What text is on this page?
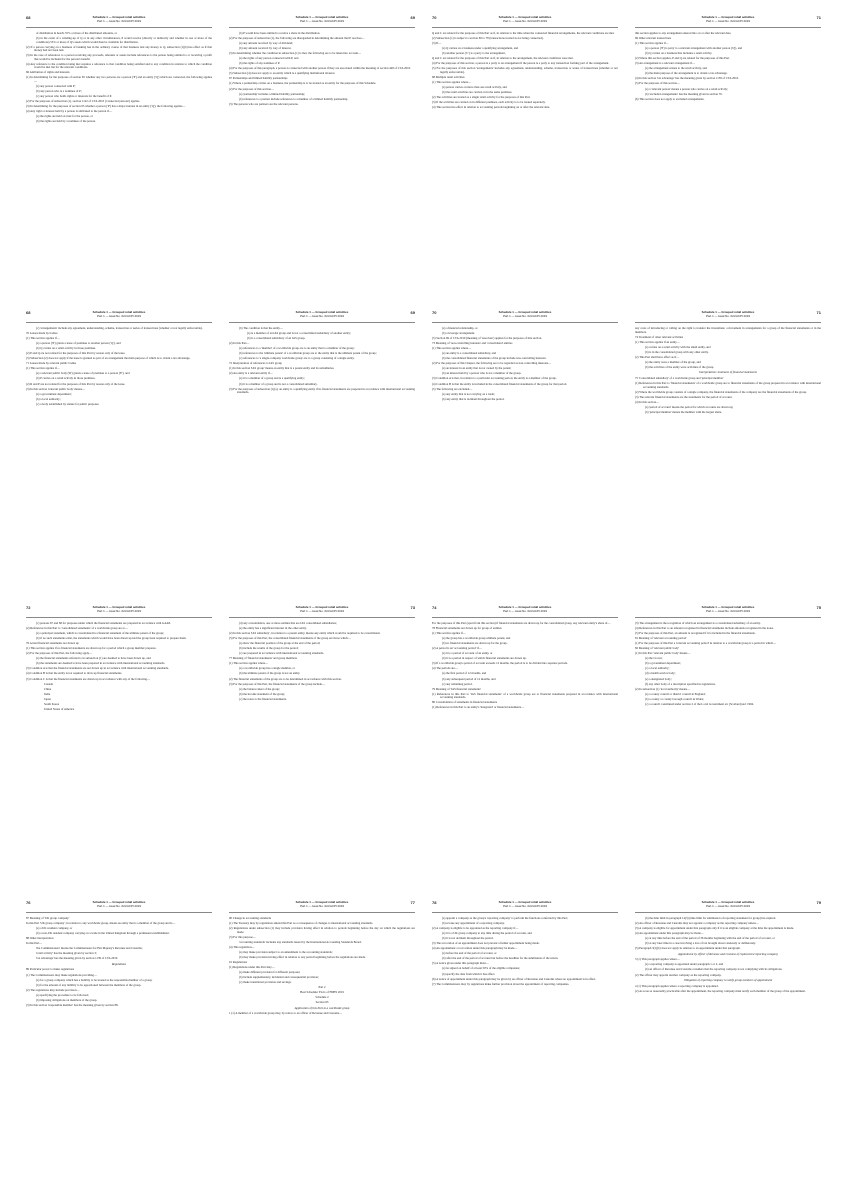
68	Schedule 1 — Grouped retail activities
Part 1 — Heat No. 02c/ACPI 2019

of distribution in head's 55% or more of the distributed amounts, or

(b) in the event of a winding-up of Q or in any other circumstances, P would receive (directly or indirectly and whether in one or more of the conditions) 55% or more of Q's assets which would then be available for distribution.

(2) If a person carrying on a business of banking has in the ordinary course of that business lent any money to Q, subsection (1)(b) has effect as if that money had not been lent.

(3) In the case of references to a person receiving any proceeds, amounts or assets include references to the person being entitled to or receiving a profit that would be included for the person's benefit.

(4) Any reference to the condition being met requires a reference to that condition being satisfied and to any condition in relation to which the condition would be met but for the relevant conditions.

66 Attribution of rights and interests

(1) In determining for the purposes of section 65 whether any two persons are a person ('P') and an entity ('Q') which are connected, the following applies—

(a) any person connected with P;

(b) any person who is a nominee of P;

(c) any person who holds rights or interests for the benefit of P.

(2) For the purposes of subsection (1), section 1122 of CTA 2010 ('connected persons') applies.

(3) In determining for the purposes of section 65 whether a person ('P') has a major interest in an entity ('Q'), the following applies—

(4) Any right or interest held by a person is attributed to the person if—

(a) the rights are held on trust for the person, or

(b) the rights are held by a nominee of the person.

69
Schedule 1 — Grouped retail activities
Part 1 — Heat No. 02c/ACPI 2019

(b) P would have been entitled to receive a share in the distribution.

(2) For the purposes of subsection (1), the following are disregarded in determining the amount that P receives—

(a) any amount received by way of dividend;

(b) any amount received by way of interest.

(3) In determining whether the condition in subsection (1) is met, the following are to be taken into account—

(a) the rights of any person connected with P, and

(b) the rights of any nominee of P.

(4) For the purposes of this paragraph, a person is connected with another person if they are associated within the meaning of section 448 of CTA 2010.

(5) Subsection (4) does not apply to an entity which is a qualifying institutional investor.

67 Partnerships and limited liability partnerships

(1) Where a partnership carries on a business, the partnership is to be treated as an entity for the purposes of this Schedule.

(2) For the purposes of this section—

(a) 'partnership' includes a limited liability partnership;

(b) references to a partner include references to a member of a limited liability partnership.

(3) The persons who are partners are the relevant persons.

70	Schedule 1 — Grouped retail activities
Part 1 — Heat No. 02c/ACPI 2019

Q and C are related for the purposes of this Part as if, in relation to the time when the connected financial arrangements, the relevant conditions are met.

(2) Subsection (1) is subject to section 69 to 78 (transactions treated as not being connected).

(3) If—

(a) Q carries on a business under a qualifying arrangement, and

(b) another person ('C') is a party to the arrangement,

Q and C are related for the purposes of this Part as if, in relation to the arrangement, the relevant conditions were met.

(4) For the purposes of this section, a person is a party to an arrangement if the person is a party to any transaction forming part of the arrangement.

(5) For the purposes of this section 'arrangements' includes any agreement, understanding, scheme, transaction or series of transactions (whether or not legally enforceable).

68 Multiple retail activities

(1) This section applies where—

(a) person carries on more than one retail activity, and

(b) the retail activities are carried on in the same premises.

(2) The activities are treated as a single retail activity for the purposes of this Part.

(3) If the activities are carried on in different premises, each activity is to be treated separately.

(4) This section has effect in relation to accounting periods beginning on or after the relevant date.

71
Schedule 1 — Grouped retail activities
Part 1 — Heat No. 02c/ACPI 2019

this section applies to any arrangement entered into on or after the relevant date.

69 Other relevant transactions

(1) This section applies if—

(a) a person ('P') is party to a relevant arrangement with another person ('Q'), and

(b) Q carries on a business that includes a retail activity.

(2) Where this section applies, P and Q are related for the purposes of this Part.

(3) An arrangement is a relevant arrangement if—

(a) the arrangement relates to the retail activity, and

(b) the main purpose of the arrangement is to obtain a tax advantage.

(4) In this section 'tax advantage' has the meaning given by section 1139 of CTA 2010.

(5) For the purposes of this section—

(a) a 'relevant person' means a person who carries on a retail activity;

(b) 'excluded arrangements' has the meaning given in section 70.

(6) This section does not apply to excluded arrangements.

68	Schedule 1 — Grouped retail activities
Part 1 — Heat No. 02c/ACPI 2019

(c) 'arrangements' include any agreement, understanding, scheme, transaction or series of transactions (whether or not legally enforceable).

70 Leases made by bodies

(1) This section applies if—

(a) a person ('P') grants a lease of premises to another person ('Q'), and

(b) Q carries on a retail activity in those premises.

(2) P and Q are not related for the purposes of this Part by reason only of the lease.

(3) Subsection (2) does not apply if the lease is granted as part of an arrangement the main purpose of which is to obtain a tax advantage.

71 Leases made by relevant public bodies

(1) This section applies if—

(a) a relevant public body ('R') grants a lease of premises to a person ('P'), and

(b) P carries on a retail activity in those premises.

(2) R and P are not related for the purposes of this Part by reason only of the lease.

(3) In this section 'relevant public body' means—

(a) a government department;

(b) a local authority;

(c) a body established by statute for public purposes.

69
Schedule 1 — Grouped retail activities
Part 1 — Heat No. 02c/ACPI 2019

(b) The condition is that the entity—

(a) is a member of an IAS group and is not a consolidated subsidiary of another entity;

(b) is a consolidated subsidiary of an IAS group.

(2) In this Part—

(a) references to a 'member' of a worldwide group are to an entity that is a member of the group;

(b) references to the 'ultimate parent' of a worldwide group are to the entity that is the ultimate parent of the group;

(c) references to 'a single-company worldwide group' are to a group consisting of a single entity.

72 Interpretation of references to IAS group

(1) In this section 'IAS group' means an entity that is a parent entity and its subsidiaries.

(2) An entity is a relevant entity if—

(a) it is a member of a group and is a qualifying entity;

(b) it is a member of a group and is not a consolidated subsidiary.

(3) For the purposes of subsection (1)(a), an entity is a qualifying entity if its financial statements are prepared in accordance with international accounting standards.

70	Schedule 1 — Grouped retail activities
Part 1 — Heat No. 02c/ACPI 2019

(a) a financial relationship, or

(b) a leverage arrangement.

(5) Section 69 of CTA 2010 (meaning of 'associate') applies for the purposes of this section.

73 Meaning of 'non-controlling interests' and 'consolidated' entities

(1) This section applies where—

(a) an entity is a consolidated subsidiary, and

(b) the consolidated financial statements of the group include non-controlling interests.

(2) For the purposes of this Chapter, the following are to be regarded as non-controlling interests—

(a) an interest in an entity that is not owned by the parent;

(b) an interest held by a person who is not a member of the group.

(3) Condition A is that, in relation to a particular accounting period, the entity is a member of the group.

(4) Condition B is that the entity is included in the consolidated financial statements of the group for that period.

(5) The following are excluded—

(a) any entity that is not carrying on a trade;

(b) any entity that is dormant throughout the period.

71
Schedule 1 — Grouped retail activities
Part 1 — Heat No. 02c/ACPI 2019

any costs of introducing or rolling on the right to transfer the investment, a movement in arrangements for a group of the financial statements or in the members.

74 Treatment of other relevant activities

(1) This section applies if an entity—

(a) carries on a retail activity with the small entity, and

(b) is in the consolidated group with any other entity.

(2) This Part shall have effect as if—

(a) the entity were a member of the group, and

(b) the activities of the entity were activities of the group.

Interpretation: treatment of financial statements

75 'Consolidated subsidiary' of a worldwide group and 'principal member'

(1) References in this Part to 'financial statements' of a worldwide group are to financial statements of the group prepared in accordance with international accounting standards.

(2) Where the worldwide group consists of a single company, the financial statements of the company are the financial statements of the group.

(3) The relevant financial statements are the statements for the period of account.

(4) In this section—

(a) 'period of account' means the period for which accounts are drawn up;

(b) 'principal member' means the member with the largest share.

72	Schedule 1 — Grouped retail activities
Part 1 — Heat No. 02c/ACPI 2019

(c) persons 67 and 68 for purposes under which the financial statements are prepared in accordance with GAAP.

(2) References in this Part to 'consolidated statements' of a worldwide group are to—

(a) a principal statement, which is consolidated in a financial statement of the ultimate parent of the group;

(b) if no such statements exist, the statements which would have been drawn up had the group been required to prepare them.

76 Actual financial statements not drawn up

(1) This section applies if no financial statements are drawn up for a period which a group member prepares.

(2) For the purposes of this Part, the following apply—

(a) the financial statements referred to in subsection (1) are deemed to have been drawn up, and

(b) the statements are deemed to have been prepared in accordance with international accounting standards.

(3) Condition A is that the financial statements are not drawn up in accordance with international accounting standards.

(4) Condition B is that the entity is not required to draw up financial statements.

(5) Condition C is that the financial statements are drawn up in accordance with any of the following—

Canada

China

India

Japan

South Korea

United States of America

73
Schedule 1 — Grouped retail activities
Part 1 — Heat No. 02c/ACPI 2019

(d) any consolidation, one or more entities that are IAS consolidated subsidiaries;

(e) the entity has a significant interest in the other entity.

(2) In this section 'IAS subsidiary', in relation to a parent entity, means any entity which would be required to be consolidated.

(3) For the purposes of this Part, the consolidated financial statements of the group are those which—

(a) show the financial position of the group at the end of the period;

(b) include the results of the group for the period;

(c) are prepared in accordance with international accounting standards.

77 Meaning of 'financial statements' and group members

(1) This section applies where—

(a) a worldwide group has a single member, or

(b) the ultimate parent of the group is not an entity.

(2) The financial statements of the group are to be determined in accordance with this section.

(3) For the purposes of this Part, the financial statements of the group include—

(a) the balance sheet of the group;

(b) the income statement of the group;

(c) the notes to the financial statements.

74	Schedule 1 — Grouped retail activities
Part 1 — Heat No. 02c/ACPI 2019

For the purposes of this Part (apart from this section) if financial statements are drawn up for the consolidated group, any relevant entity's share of—

78 Financial statements not drawn up for group of entities

(1) This section applies if—

(a) the group has a worldwide group ultimate parent, and

(b) no financial statements are drawn up for the group.

(2) A period is an 'accounting period' if—

(a) it is a period of account of an entity, or

(b) it is a period in respect of which financial statements are drawn up.

(3) If a worldwide group's period of account exceeds 12 months, the period is to be divided into separate periods.

(4) The periods are—

(a) the first period of 12 months, and

(b) any subsequent period of 12 months, and

(c) any remaining period.

79 Meaning of 'IAS financial statements'

(1) References in this Part to 'IAS financial statements' of a worldwide group are to financial statements prepared in accordance with international accounting standards.

80 Consolidation of statements in financial statements

(1) References in this Part to an entity's 'integrated' or financial statements—

75
Schedule 1 — Grouped retail activities
Part 1 — Heat No. 02c/ACPI 2019

(3) The arrangement is the recognition of which an arrangement is a consolidated subsidiary of an entity.

(4) References in this Part to an amount recognised in financial statements include amounts recognised in the notes.

(5) For the purposes of this Part, an amount is recognised if it is included in the financial statements.

81 Meaning of 'relevant accounting period'

(1) For the purposes of this Part a 'relevant accounting period' in relation to a worldwide group is a period in which—

82 Meaning of 'relevant public body'

(1) In this Part 'relevant public body' means—

(a) the Crown;

(b) a government department;

(c) a local authority;

(d) a health service body;

(e) a designated body;

(f) any other body of a description specified in regulations.

(2) In subsection (1) 'local authority' means—

(a) a county council or district council in England;

(b) a county or county borough council in Wales;

(c) a council constituted under section 2 of the Local Government etc (Scotland) Act 1994.

76	Schedule 1 — Grouped retail activities
Part 1 — Heat No. 02c/ACPI 2019

87 Meaning of 'UK group company'

In this Part 'UK group company', in relation to any worldwide group, means an entity that is a member of the group and is—

(a) a UK resident company, or

(b) a non-UK resident company carrying on a trade in the United Kingdom through a permanent establishment.

88 Other interpretation

In this Part—

'the Commissioners' means the Commissioners for Her Majesty's Revenue and Customs;

'retail activity' has the meaning given by section 3;

'tax advantage' has the meaning given by section 1139 of CTA 2010.

Regulations

89 Particular power to make regulations

(1) The Commissioners may make regulations providing—

(a) for a group company which has a liability to be treated as the responsible member of a group;

(b) for the amount of any liability to be apportioned between the members of the group.

(2) The regulations may include provision—

(a) specifying the procedure to be followed;

(b) imposing obligations on members of the group.

(3) In this section 'responsible member' has the meaning given by section 88.

77
Schedule 1 — Grouped retail activities
Part 1 — Heat No. 02c/ACPI 2019

90 Change in accounting standards

(1) The Treasury may by regulations amend this Part as a consequence of changes to international accounting standards.

(2) Regulations under subsection (1) may include provision having effect in relation to periods beginning before the day on which the regulations are made.

(3) For this purpose—

'accounting standards' includes any standards issued by the International Accounting Standards Board.

(4) This regulation—

(a) may make provision subject to an amendment to the accounting standards;

(b) may make provision having effect in relation to any period beginning before the regulations are made.

91 Regulations

(1) Regulations under this Part may—

(a) make different provision for different purposes;

(b) include supplementary, incidental and consequential provision;

(c) make transitional provision and savings.

Part 2

Heat Schedule: Facts of FDHS 2019

Schedule 2

Section 63

Application of this Part to a worldwide group

1 (1) A member of a worldwide group may, by notice to an officer of Revenue and Customs—

78	Schedule 1 — Grouped retail activities
Part 1 — Heat No. 02c/ACPI 2019

(a) appoint a company as the group's 'reporting company' to perform the functions conferred by this Part;

(b) revoke any appointment of a reporting company.

(2) A company is eligible to be appointed as the reporting company if—

(a) it is a UK group company at any time during the period of account, and

(b) it is not dormant throughout the period.

(3) The revocation of an appointment does not prevent a further appointment being made.

(4) An appointment or revocation under this paragraph may be made—

(a) before the end of the period of account, or

(b) after the end of the period of account but before the deadline for the submission of the return.

(5) A notice given under this paragraph must—

(a) be signed on behalf of at least 50% of the eligible companies;

(b) specify the date from which it has effect.

(6) A notice of appointment under this paragraph may be given by an officer of Revenue and Customs where no appointment is in effect.

(7) The Commissioners may by regulations make further provision about the appointment of reporting companies.

79
Schedule 1 — Grouped retail activities
Part 1 — Heat No. 02c/ACPI 2019

(b) the time limit in paragraph 14(3) (time limit for submission of reporting statement for group) has expired.

(2) An officer of Revenue and Customs may not appoint a company as the reporting company unless—

(3) A company is eligible for appointment under this paragraph only if it is an eligible company at the time the appointment is made.

(4) An appointment under this paragraph may be made—

(a) at any time before the end of the period of 36 months beginning with the end of the period of account, or

(b) at any later time in a case involving a loss of tax brought about carelessly or deliberately.

(5) Paragraph 3(1)(b) does not apply in relation to an appointment under this paragraph.

Appointment by officer of Revenue and Customs of replacement reporting company

3 (1) This paragraph applies where—

(a) a reporting company is appointed under paragraph 1 or 2, and

(b) an officer of Revenue and Customs considers that the reporting company is not complying with its obligations.

(2) The officer may appoint another company as the reporting company.

Obligation of reporting company to notify group members of appointment

4 (1) This paragraph applies where a reporting company is appointed.

(2) As soon as reasonably practicable after the appointment, the reporting company must notify each member of the group of the appointment.
